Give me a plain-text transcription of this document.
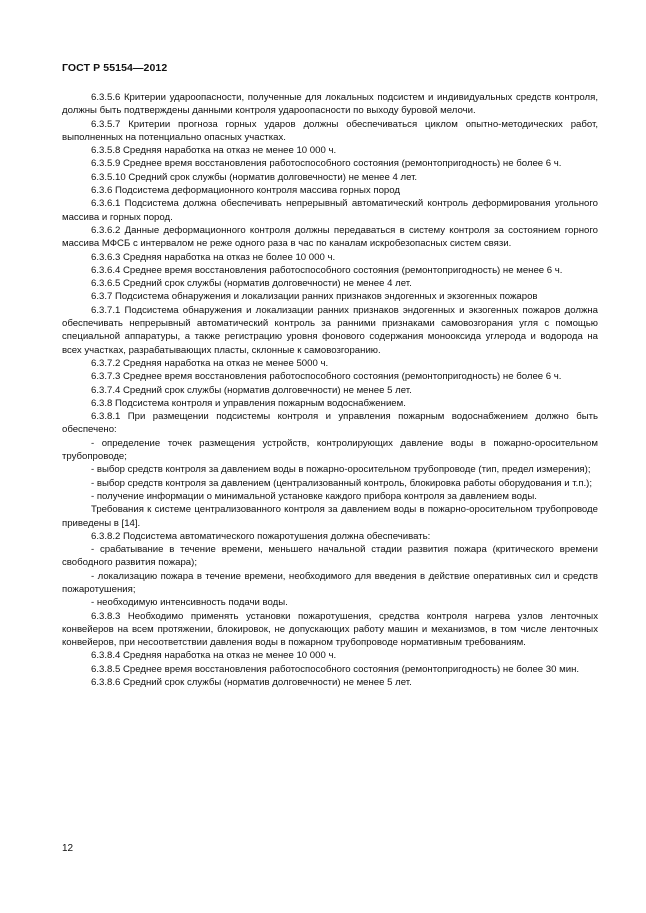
ГОСТ Р 55154—2012

6.3.5.6 Критерии удароопасности, полученные для локальных подсистем и индивидуальных средств контроля, должны быть подтверждены данными контроля удароопасности по выходу буровой мелочи.

6.3.5.7 Критерии прогноза горных ударов должны обеспечиваться циклом опытно-методических работ, выполненных на потенциально опасных участках.

6.3.5.8 Средняя наработка на отказ не менее 10 000 ч.

6.3.5.9 Среднее время восстановления работоспособного состояния (ремонтопригодность) не более 6 ч.

6.3.5.10 Средний срок службы (норматив долговечности) не менее 4 лет.

6.3.6 Подсистема деформационного контроля массива горных пород

6.3.6.1 Подсистема должна обеспечивать непрерывный автоматический контроль деформирования угольного массива и горных пород.

6.3.6.2 Данные деформационного контроля должны передаваться в систему контроля за состоянием горного массива МФСБ с интервалом не реже одного раза в час по каналам искробезопасных систем связи.

6.3.6.3 Средняя наработка на отказ не более 10 000 ч.

6.3.6.4 Среднее время восстановления работоспособного состояния (ремонтопригодность) не менее 6 ч.

6.3.6.5 Средний срок службы (норматив долговечности) не менее 4 лет.

6.3.7 Подсистема обнаружения и локализации ранних признаков эндогенных и экзогенных пожаров

6.3.7.1 Подсистема обнаружения и локализации ранних признаков эндогенных и экзогенных пожаров должна обеспечивать непрерывный автоматический контроль за ранними признаками самовозгорания угля с помощью специальной аппаратуры, а также регистрацию уровня фонового содержания монооксида углерода и водорода на всех участках, разрабатывающих пласты, склонные к самовозгоранию.

6.3.7.2 Средняя наработка на отказ не менее 5000 ч.

6.3.7.3 Среднее время восстановления работоспособного состояния (ремонтопригодность) не более 6 ч.

6.3.7.4 Средний срок службы (норматив долговечности) не менее 5 лет.

6.3.8 Подсистема контроля и управления пожарным водоснабжением.

6.3.8.1 При размещении подсистемы контроля и управления пожарным водоснабжением должно быть обеспечено:

- определение точек размещения устройств, контролирующих давление воды в пожарно-оросительном трубопроводе;

- выбор средств контроля за давлением воды в пожарно-оросительном трубопроводе (тип, предел измерения);

- выбор средств контроля за давлением (централизованный контроль, блокировка работы оборудования и т.п.);

- получение информации о минимальной установке каждого прибора контроля за давлением воды.

Требования к системе централизованного контроля за давлением воды в пожарно-оросительном трубопроводе приведены в [14].

6.3.8.2 Подсистема автоматического пожаротушения должна обеспечивать:

- срабатывание в течение времени, меньшего начальной стадии развития пожара (критического времени свободного развития пожара);

- локализацию пожара в течение времени, необходимого для введения в действие оперативных сил и средств пожаротушения;

- необходимую интенсивность подачи воды.

6.3.8.3 Необходимо применять установки пожаротушения, средства контроля нагрева узлов ленточных конвейеров на всем протяжении, блокировок, не допускающих работу машин и механизмов, в том числе ленточных конвейеров, при несоответствии давления воды в пожарном трубопроводе нормативным требованиям.

6.3.8.4 Средняя наработка на отказ не менее 10 000 ч.

6.3.8.5 Среднее время восстановления работоспособного состояния (ремонтопригодность) не более 30 мин.

6.3.8.6 Средний срок службы (норматив долговечности) не менее 5 лет.

12
